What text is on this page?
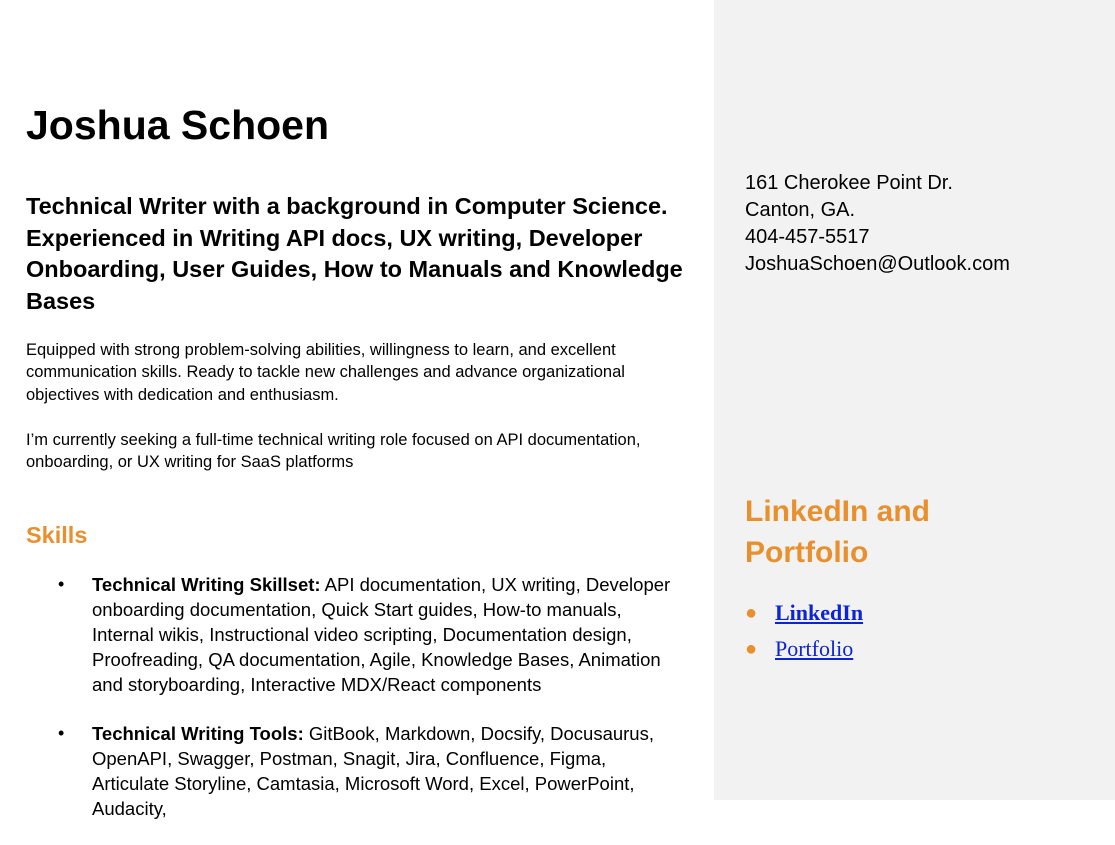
Joshua Schoen

Technical Writer with a background in Computer Science. Experienced in Writing API docs, UX writing, Developer Onboarding, User Guides, How to Manuals and Knowledge Bases

Equipped with strong problem-solving abilities, willingness to learn, and excellent communication skills. Ready to tackle new challenges and advance organizational objectives with dedication and enthusiasm.

I’m currently seeking a full-time technical writing role focused on API documentation, onboarding, or UX writing for SaaS platforms

Skills
• Technical Writing Skillset: API documentation, UX writing, Developer onboarding documentation, Quick Start guides, How-to manuals, Internal wikis, Instructional video scripting, Documentation design, Proofreading, QA documentation, Agile, Knowledge Bases, Animation and storyboarding, Interactive MDX/React components
• Technical Writing Tools: GitBook, Markdown, Docsify, Docusaurus, OpenAPI, Swagger, Postman, Snagit, Jira, Confluence, Figma, Articulate Storyline, Camtasia, Microsoft Word, Excel, PowerPoint, Audacity,
161 Cherokee Point Dr.
Canton, GA.
404-457-5517
JoshuaSchoen@Outlook.com
LinkedIn and Portfolio
● LinkedIn
● Portfolio
